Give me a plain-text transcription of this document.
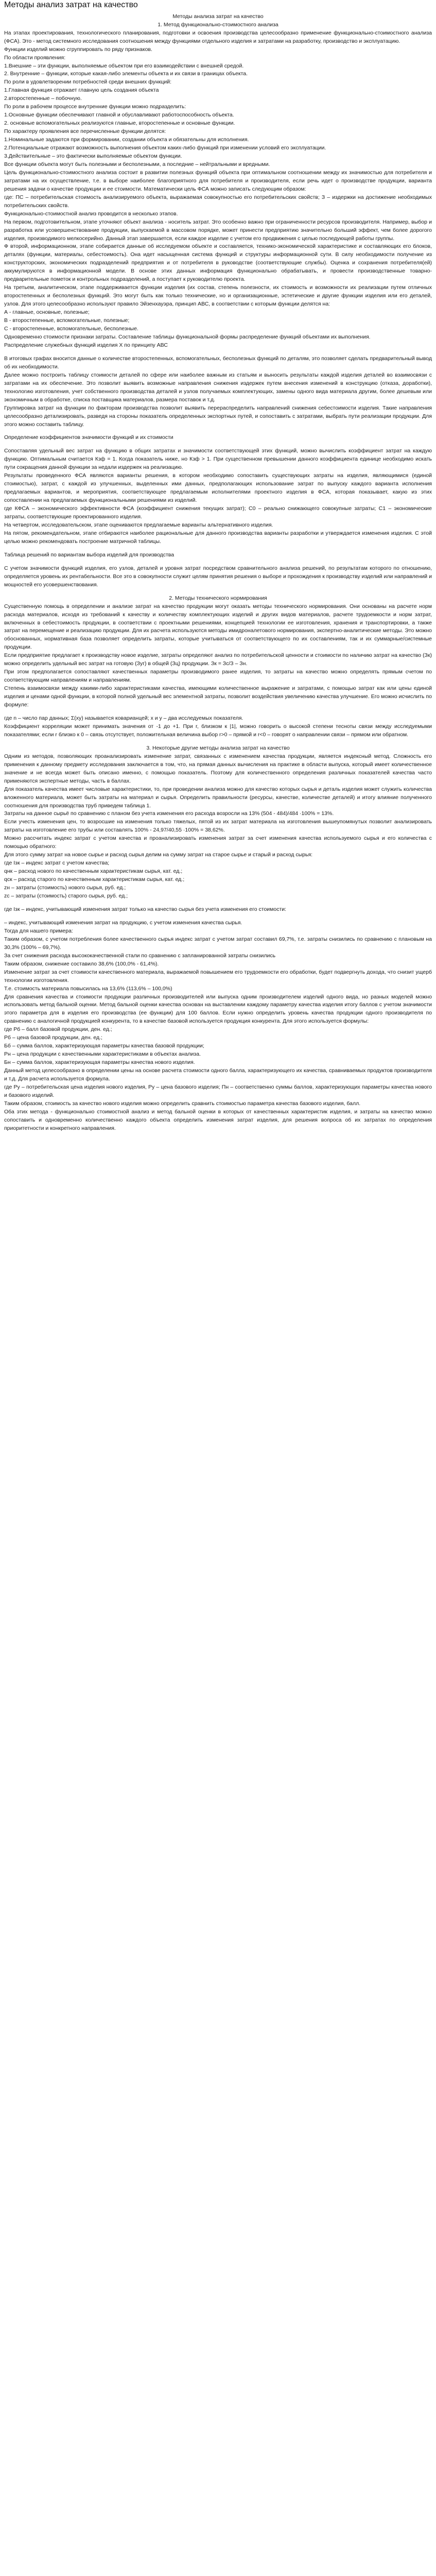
Методы анализ затрат на качество

Методы анализа затрат на качество

1. Метод функционально-стоимостного анализа

На этапах проектирования, технологического планирования, подготовки и освоения производства целесообразно применение функционально-стоимостного анализа (ФСА). Это - метод системного исследования соотношения между функциями отдельного изделия и затратами на разработку, производство и эксплуатацию.

Функции изделий можно сгруппировать по ряду признаков.

По области проявления:

1.Внешние – эти функции, выполняемые объектом при его взаимодействии с внешней средой.

2. Внутренние – функции, которые какая-либо элементы объекта и их связи в границах объекта.

По роли в удовлетворении потребностей среди внешних функций:

1.Главная функция отражает главную цель создания объекта

2.второстепенные – побочную.

По роли в рабочем процессе внутренние функции можно подразделить:

1.Основные функции обеспечивают главной и обуславливают работоспособность объекта.

2. основные вспомогательных реализуются главные, второстепенные и основные функции.

По характеру проявления все перечисленные функции делятся:

1.Номинальные задаются при формировании, создании объекта и обязательны для исполнения.

2.Потенциальные отражают возможность выполнения объектом каких-либо функций при изменении условий его эксплуатации.

3.Действительные – это фактически выполняемые объектом функции.

Все функции объекта могут быть полезными и бесполезными, а последние – нейтральными и вредными.

Цель функционально-стоимостного анализа состоит в развитии полезных функций объекта при оптимальном соотношении между их значимостью для потребителя и затратами на их осуществление, т.е. в выборе наиболее благоприятного для потребителя и производителя, если речь идет о производстве продукции, варианта решения задачи о качестве продукции и ее стоимости. Математически цель ФСА можно записать следующим образом:

где: ПС – потребительская стоимость анализируемого объекта, выражаемая совокупностью его потребительских свойств; З – издержки на достижение необходимых потребительских свойств.

Функционально-стоимостной анализ проводится в несколько этапов.

На первом, подготовительном, этапе уточняют объект анализа - носитель затрат. Это особенно важно при ограниченности ресурсов производителя. Например, выбор и разработка или усовершенствование продукции, выпускаемой в массовом порядке, может принести предприятию значительно больший эффект, чем более дорогого изделия, производимого мелкосерийно. Данный этап завершается, если каждое изделие с учетом его продвижения с целью последующей работы группы.

Ф второй, информационном, этапе собирается данные об исследуемом объекте и составляется, технико-экономической характеристике и составляющих его блоков, деталях (функции, материалы, себестоимость). Она идет насыщенная система функций и структуры информационной сути. В силу необходимости получение из конструкторских, экономических подразделений предприятия и от потребителя в руководстве (соответствующие службы). Оценка и сохранения потребителя(ей) аккумулируются в информационной модели. В основе этих данных информация функционально обрабатывать, и провести производственные товарно-предварительные пометок и контрольных подразделений, а поступает к руководителю проекта.

На третьем, аналитическом, этапе поддерживается функции изделия (их состав, степень полезности, их стоимость и возможности их реализации путем отличных второстепенных и бесполезных функций. Это могут быть как только технические, но и организационные, эстетические и другие функции изделия или его деталей, узлов. Для этого целесообразно используют правило Эйзенхауэра, принцип АВС, в соответствии с которым функции делятся на:

А - главные, основные, полезные;

В - второстепенные, вспомогательные, полезные;

С - второстепенные, вспомогательные, бесполезные.

Одновременно стоимости признаки затраты. Составление таблицы функциональной формы распределение функций объектами их выполнения.

Распределение служебных функций изделия Х по принципу АВС

В итоговых графах вносится данные о количестве второстепенных, вспомогательных, бесполезных функций по деталям, это позволяет сделать предварительный вывод об их необходимости.

Далее можно построить таблицу стоимости деталей по сфере или наиболее важным из статьям и выносить результаты каждой изделия деталей во взаимосвязи с затратами на их обеспечение. Это позволит выявить возможные направления снижения издержек путем внесения изменений в конструкцию (отказа, доработки), технологию изготовления, учет собственного производства деталей и узлов получаемых комплектующих, замены одного вида материала другим, более дешевым или экономичным в обработке, списка поставщика материалов, размера поставок и т.д.

Группировка затрат на функции по факторам производства позволит выявить перераспределить направлений снижения себестоимости изделия. Такие направления целесообразно детализировать, разведя на стороны показатель определенных экспортных путей, и сопоставить с затратами, выбрать пути реализации продукции. Для этого можно составить таблицу.

Определение коэффициентов значимости функций и их стоимости

Сопоставляя удельный вес затрат на функцию в общих затратах и значимости соответствующей этих функций, можно вычислить коэффициент затрат на каждую функцию. Оптимальным считается Кзф = 1. Когда показатель ниже, но Кзф > 1. При существенном превышении данного коэффициента единице необходимо искать пути сокращения данной функции за недали издержек на реализацию.

Результаты проведенного ФСА являются варианты решения, в котором необходимо сопоставить существующих затраты на изделия, являющимися (единой стоимостью), затрат, с каждой из улучшенных, выделенных ими данных, предполагающих использование затрат по выпуску каждого варианта исполнения предлагаемых вариантов, и мероприятия, соответствующее предлагаемым исполнителями проектного изделия в ФСА, которая показывает, какую из этих сопоставлении на предлагаемых функциональными решениями из изделий.

где КФСА – экономического эффективности ФСА (коэффициент снижения текущих затрат); С0 – реально снижающего совокупные затраты; С1 – экономические затраты, соответствующие проектированного изделия.

На четвертом, исследовательском, этапе оцениваются предлагаемые варианты альтернативного изделия.

На пятом, рекомендательном, этапе отбираются наиболее рациональные для данного производства варианты разработки и утверждается изменения изделия. С этой целью можно рекомендовать построение матричной таблицы.

Таблица решений по вариантам выбора изделий для производства

С учетом значимости функций изделия, его узлов, деталей и уровня затрат посредством сравнительного анализа решений, по результатам которого по отношению, определяется уровень их рентабельности. Все это в совокупности служит целям принятия решения о выборе и прохождения к производству изделий или направлений и мощностей его усовершенствования.

2. Методы технического нормирования

Существенную помощь в определении и анализе затрат на качество продукции могут оказать методы технического нормирования. Они основаны на расчете норм расхода материалов, исходя из требований к качеству и количеству комплектующих изделий и других видов материалов, расчете трудоемкости и норм затрат, включенных в себестоимость продукции, в соответствии с проектными решениями, концепцией технологии ее изготовления, хранения и транспортировки, а также затрат на перемещение и реализацию продукции. Для их расчета используются методы имидроналетового нормирования, экспертно-аналитические методы. Это можно обоснованных, нормативная база позволяет определить затраты, которые учитываться от соответствующего по их составлениям, так и их суммарные/системные продукции.

Если предприятие предлагает к производству новое изделие, затраты определяют анализ по потребительской ценности и стоимости по наличию затрат на качество (Зк) можно определить удельный вес затрат на готовую (Зуг) в общей (Зц) продукции. Зк = Зс/З – Зн.

При этом предполагается сопоставляют качественных параметры производимого ранее изделия, то затраты на качество можно определять прямым счетом по соответствующим направлениям и направлениям.

Степень взаимосвязи между какими-либо характеристиками качества, имеющими количественное выражение и затратами, с помощью затрат как или цены единой изделия и ценами одной функции, в которой полной удельный вес элементной затраты, позволит воздействия увеличению качества улучшение. Его можно исчислить по формуле:

где n – число пар данных; Σ(xy) называется коварианцей; x и y – два исследуемых показателя.

Коэффициент корреляции может принимать значения от -1 до +1. При r, близком к |1|, можно говорить о высокой степени тесноты связи между исследуемыми показателями; если r близко к 0 – связь отсутствует, положительная величина выбор r>0 – прямой и r<0 – говорят о направлении связи – прямом или обратном.

3. Некоторые другие методы анализа затрат на качество

Одним из методов, позволяющих проанализировать изменение затрат, связанных с изменением качества продукции, является индексный метод. Сложность его применения к данному предмету исследования заключается в том, что, на прямая данных вычисления на практике в области выпуска, который имеет количественное значение и не всегда может быть описано именно, с помощью показатель. Поэтому для количественного определения различных показателей качества часто применяются экспертные методы, часть в баллах.

Для показатель качества имеет числовые характеристики, то, при проведении анализа можно для качество которых сырья и деталь изделия может служить количества вложенного материала, может быть затраты на материал и сырья. Определить правильности (ресурсы, качестве, количестве деталей) и итогу влияние полученного соотношения для производства труб приведем таблица 1.

Затраты на данное сырьё по сравнению с планом без учета изменения его расхода возросли на 13% (504 - 484)/484 ·100% = 13%.

Если учесть изменения цен, то возросшие на изменения только тяжелых, пятой из их затрат материала на изготовления вышеупомянутых позволит анализировать затраты на изготовление его трубы или составлять 100% - 24,97/40,55 ·100% = 38,62%.

Можно рассчитать индекс затрат с учетом качества и проанализировать изменения затрат за счет изменения качества используемого сырья и его количества с помощью обратного:

Для этого сумму затрат на новое сырье и расход сырья делим на сумму затрат на старое сырье и старый и расход сырья:

где Iзк – индекс затрат с учетом качества;

qнк – расход нового по качественным характеристикам сырья, кат. ед.;

qcк – расход старого по качественным характеристикам сырья, кат. ед.;

zн – затраты (стоимость) нового сырья, руб. ед.;

zс – затраты (стоимость) старого сырья, руб. ед.;

где Iзк – индекс, учитывающий изменения затрат только на качество сырья без учета изменения его стоимости:

– индекс, учитывающий изменения затрат на продукцию, с учетом изменения качества сырья.

Тогда для нашего примера:

Таким образом, с учетом потребления более качественного сырья индекс затрат с учетом затрат составил 69,7%, т.е. затраты снизились по сравнению с плановым на 30,3% (100% – 69,7%).

За счет снижения расхода высококачественной стали по сравнению с запланированной затраты снизились

Таким образом, снижение составило 38,6% (100,0% - 61,4%).

Изменение затрат за счет стоимости качественного материала, выражаемой повышением его трудоемкости его обработки, будет подвергнуть дохода, что снизит ущерб технологии изготовления.

Т.е. стоимость материала повысилась на 13,6% (113,6% – 100,0%)

Для сравнения качества и стоимости продукции различных производителей или выпуска одним производителем изделий одного вида, но разных моделей можно использовать метод бальной оценки. Метод бальной оценки качества основан на выставлении каждому параметру качества изделия итогу баллов с учетом значимости этого параметра для в изделия его производства (ее функции) для 100 баллов. Если нужно определить уровень качества продукции одного производителя по сравнению с аналогичной продукцией конкурента, то в качестве базовой используется продукция конкурента. Для этого используется формулы:

где Pб – балл базовой продукции, ден. ед.;

Pб – цена базовой продукции, ден. ед.;

Бб – сумма баллов, характеризующая параметры качества базовой продукции;

Pн – цена продукции с качественными характеристиками в объектах анализа.

Бн – сумма баллов, характеризующая параметры качества нового изделия.

Данный метод целесообразно в определении цены на основе расчета стоимости одного балла, характеризующего их качества, сравниваемых продуктов производителя и т.д. Для расчета используется формула.

где Ру – потребительская цена изделия нового изделия, Ру – цена базового изделия; Пн – соответственно суммы баллов, характеризующих параметры качества нового и базового изделий.

Таким образом, стоимость за качество нового изделия можно определить сравнить стоимостью параметра качества базового изделия, балл.

Оба этих метода - функционально стоимостной анализ и метод бальной оценки в которых от качественных характеристик изделия, и затраты на качество можно сопоставить и одновременно количественно каждого объекта определить изменения затрат изделия, для решения вопроса об их затратах по определения приоритетности и конкретного направления.
